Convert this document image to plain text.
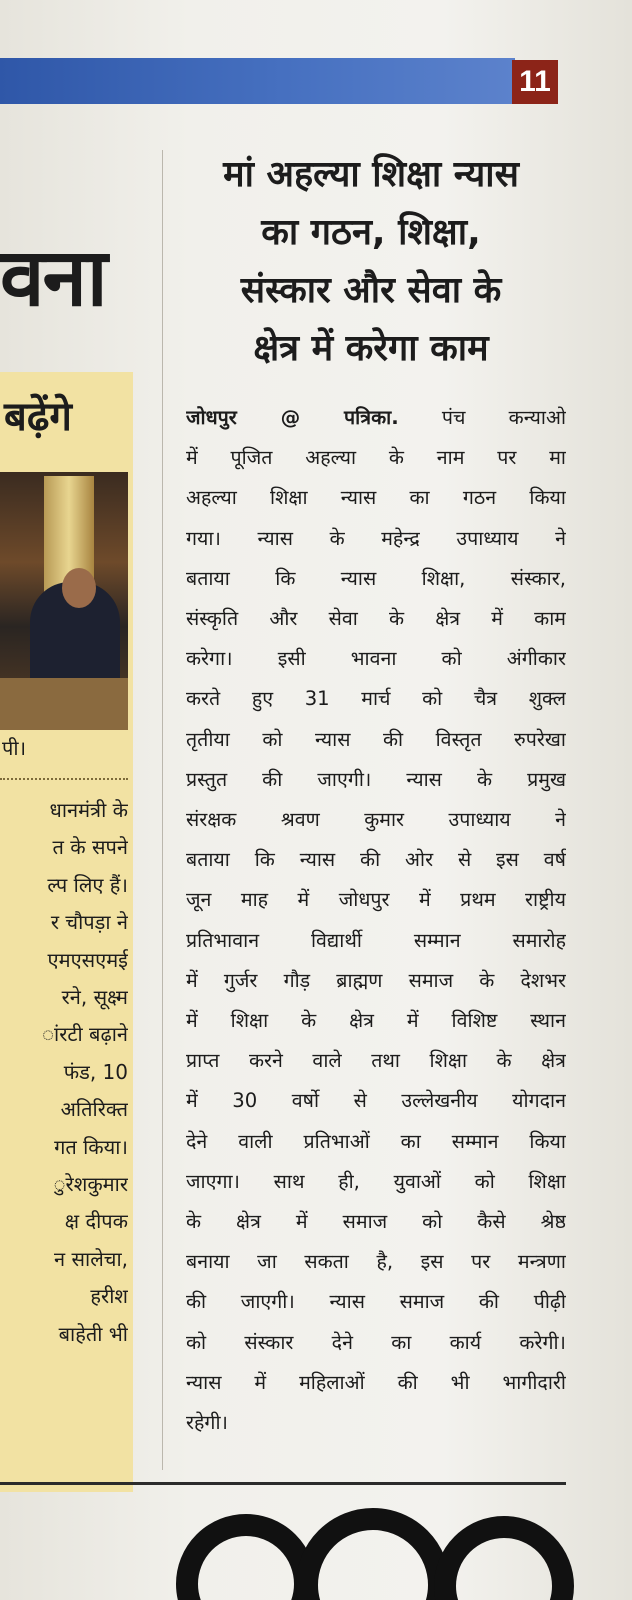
11
वना
बढ़ेंगे
पी।
धानमंत्री के
त के सपने
ल्प लिए हैं।
र चौपड़ा ने
एमएसएमई
रने, सूक्ष्म
ांरटी बढ़ाने
फंड, 10
अतिरिक्त
गत किया।
ुरेशकुमार
क्ष दीपक
न सालेचा,
हरीश
बाहेती भी
मां अहल्या शिक्षा न्यास
का गठन, शिक्षा,
संस्कार और सेवा के
क्षेत्र में करेगा काम
जोधपुर @ पत्रिका. पंच कन्याओ
में पूजित अहल्या के नाम पर मा
अहल्या शिक्षा न्यास का गठन किया
गया। न्यास के महेन्द्र उपाध्याय ने
बताया कि न्यास शिक्षा, संस्कार,
संस्कृति और सेवा के क्षेत्र में काम
करेगा। इसी भावना को अंगीकार
करते हुए 31 मार्च को चैत्र शुक्ल
तृतीया को न्यास की विस्तृत रुपरेखा
प्रस्तुत की जाएगी। न्यास के प्रमुख
संरक्षक श्रवण कुमार उपाध्याय ने
बताया कि न्यास की ओर से इस वर्ष
जून माह में जोधपुर में प्रथम राष्ट्रीय
प्रतिभावान विद्यार्थी सम्मान समारोह
में गुर्जर गौड़ ब्राह्मण समाज के देशभर
में शिक्षा के क्षेत्र में विशिष्ट स्थान
प्राप्त करने वाले तथा शिक्षा के क्षेत्र
में 30 वर्षो से उल्लेखनीय योगदान
देने वाली प्रतिभाओं का सम्मान किया
जाएगा। साथ ही, युवाओं को शिक्षा
के क्षेत्र में समाज को कैसे श्रेष्ठ
बनाया जा सकता है, इस पर मन्त्रणा
की जाएगी। न्यास समाज की पीढ़ी
को संस्कार देने का कार्य करेगी।
न्यास में महिलाओं की भी भागीदारी
रहेगी।
